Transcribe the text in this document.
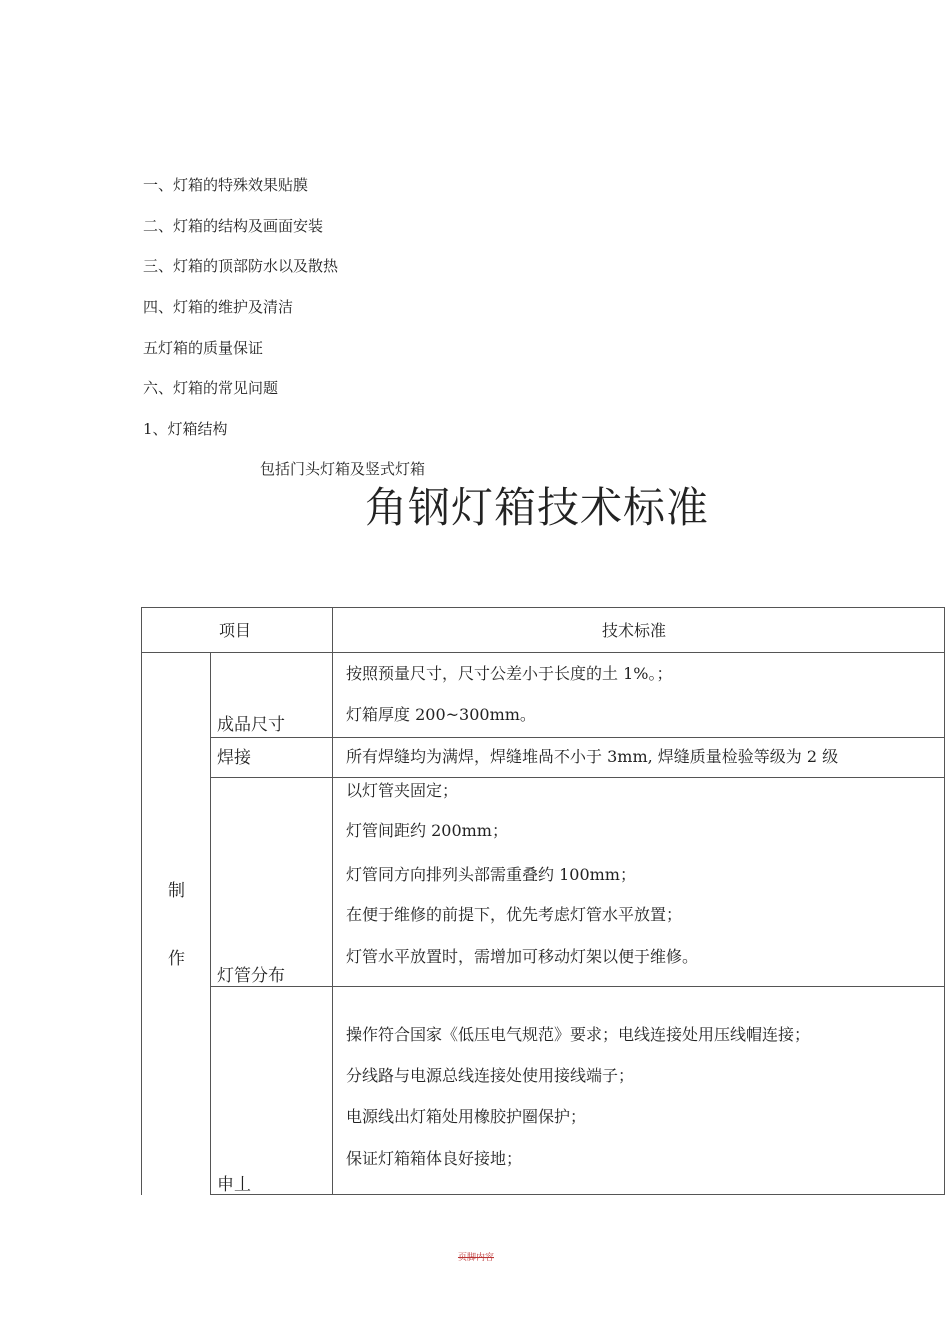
一、灯箱的特殊效果贴膜
二、灯箱的结构及画面安装
三、灯箱的顶部防水以及散热
四、灯箱的维护及清洁
五灯箱的质量保证
六、灯箱的常见问题
1、灯箱结构
包括门头灯箱及竖式灯箱
角钢灯箱技术标准
项目	技术标准
制
作
成品尺寸
按照预量尺寸，尺寸公差小于长度的土 1%。；
灯箱厚度 200~300mm。
焊接	所有焊缝均为满焊，焊缝堆咼不小于 3mm, 焊缝质量检验等级为 2 级
灯管分布
以灯管夹固定；
灯管间距约 200mm；
灯管同方向排列头部需重叠约 100mm；
在便于维修的前提下，优先考虑灯管水平放置；
灯管水平放置时，需增加可移动灯架以便于维修。
申丄
操作符合国家《低压电气规范》要求；电线连接处用压线帽连接；
分线路与电源总线连接处使用接线端子；
电源线出灯箱处用橡胶护圈保护；
保证灯箱箱体良好接地；
页脚内容
